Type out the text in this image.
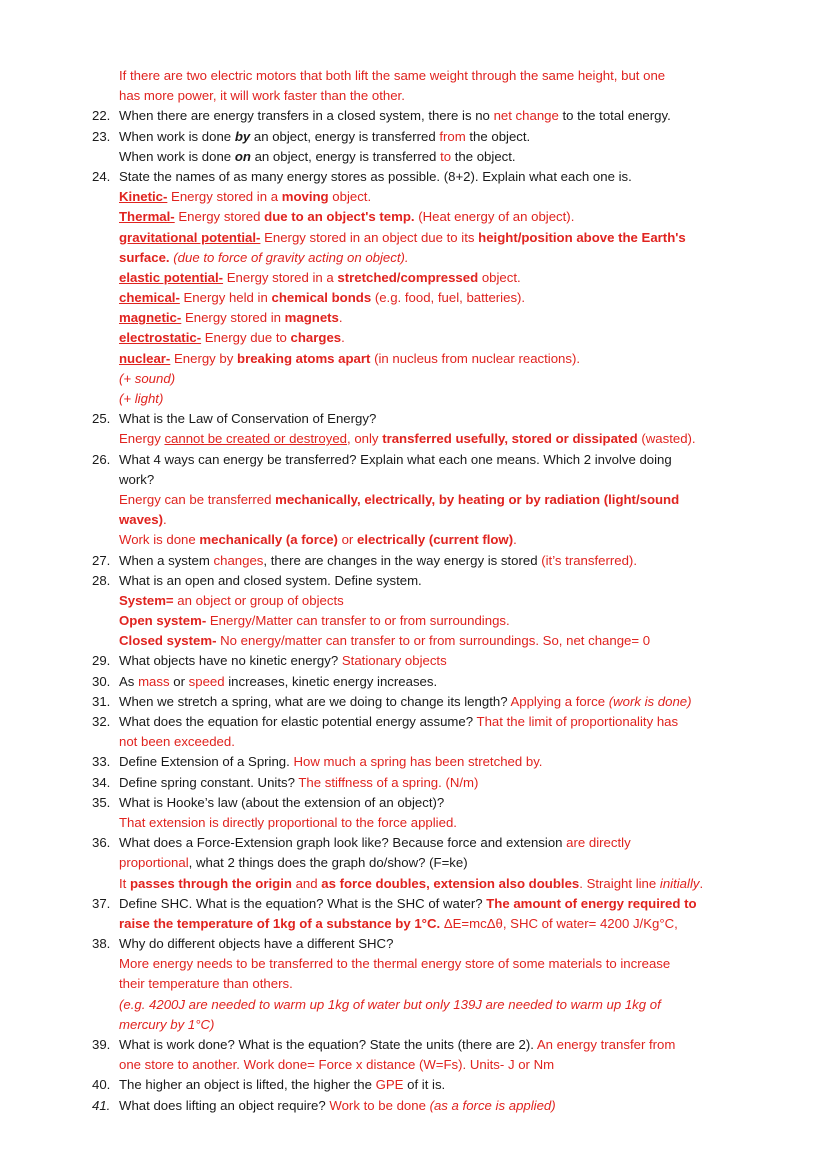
If there are two electric motors that both lift the same weight through the same height, but one
has more power, it will work faster than the other.
22. When there are energy transfers in a closed system, there is no net change to the total energy.
23. When work is done by an object, energy is transferred from the object.
When work is done on an object, energy is transferred to the object.
24. State the names of as many energy stores as possible. (8+2). Explain what each one is.
Kinetic- Energy stored in a moving object.
Thermal- Energy stored due to an object's temp. (Heat energy of an object).
gravitational potential- Energy stored in an object due to its height/position above the Earth's
surface. (due to force of gravity acting on object).
elastic potential- Energy stored in a stretched/compressed object.
chemical- Energy held in chemical bonds (e.g. food, fuel, batteries).
magnetic- Energy stored in magnets.
electrostatic- Energy due to charges.
nuclear- Energy by breaking atoms apart (in nucleus from nuclear reactions).
(+ sound)
(+ light)
25. What is the Law of Conservation of Energy?
Energy cannot be created or destroyed, only transferred usefully, stored or dissipated (wasted).
26. What 4 ways can energy be transferred? Explain what each one means. Which 2 involve doing
work?
Energy can be transferred mechanically, electrically, by heating or by radiation (light/sound
waves).
Work is done mechanically (a force) or electrically (current flow).
27. When a system changes, there are changes in the way energy is stored (it’s transferred).
28. What is an open and closed system. Define system.
System= an object or group of objects
Open system- Energy/Matter can transfer to or from surroundings.
Closed system- No energy/matter can transfer to or from surroundings. So, net change= 0
29. What objects have no kinetic energy? Stationary objects
30. As mass or speed increases, kinetic energy increases.
31. When we stretch a spring, what are we doing to change its length? Applying a force (work is done)
32. What does the equation for elastic potential energy assume? That the limit of proportionality has
not been exceeded.
33. Define Extension of a Spring. How much a spring has been stretched by.
34. Define spring constant. Units? The stiffness of a spring. (N/m)
35. What is Hooke’s law (about the extension of an object)?
That extension is directly proportional to the force applied.
36. What does a Force-Extension graph look like? Because force and extension are directly
proportional, what 2 things does the graph do/show? (F=ke)
It passes through the origin and as force doubles, extension also doubles. Straight line initially.
37. Define SHC. What is the equation? What is the SHC of water? The amount of energy required to
raise the temperature of 1kg of a substance by 1°C. ΔE=mcΔθ, SHC of water= 4200 J/Kg°C,
38. Why do different objects have a different SHC?
More energy needs to be transferred to the thermal energy store of some materials to increase
their temperature than others.
(e.g. 4200J are needed to warm up 1kg of water but only 139J are needed to warm up 1kg of
mercury by 1°C)
39. What is work done? What is the equation? State the units (there are 2). An energy transfer from
one store to another. Work done= Force x distance (W=Fs). Units- J or Nm
40. The higher an object is lifted, the higher the GPE of it is.
41. What does lifting an object require? Work to be done (as a force is applied)
